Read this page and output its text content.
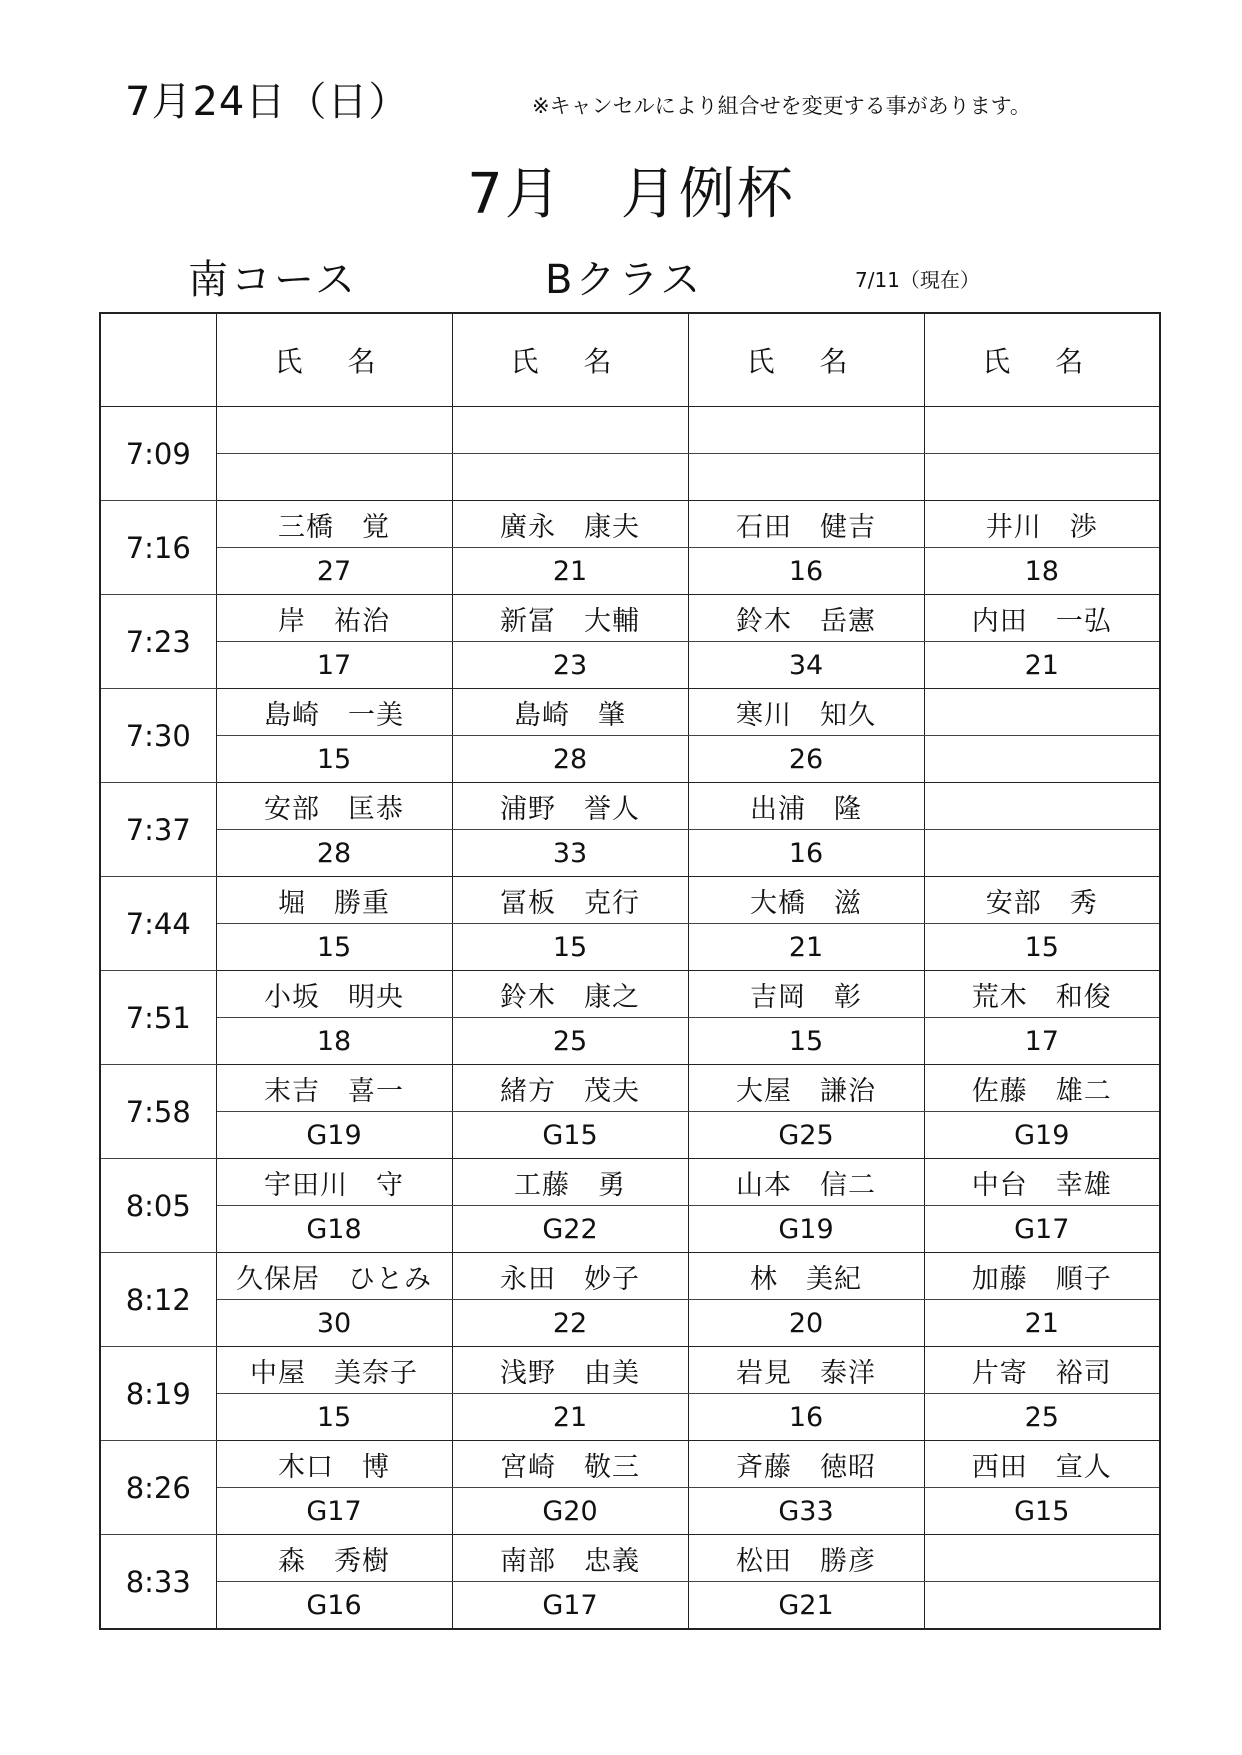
7月24日（日）	※キャンセルにより組合せを変更する事があります。
7月　月例杯
南コース	Bクラス	7/11（現在）
	氏 名	氏 名	氏 名	氏 名
7:09				

7:16	三橋　覚	廣永　康夫	石田　健吉	井川　渉
	27	21	16	18
7:23	岸　祐治	新冨　大輔	鈴木　岳憲	内田　一弘
	17	23	34	21
7:30	島崎　一美	島崎　肇	寒川　知久	
	15	28	26	
7:37	安部　匡恭	浦野　誉人	出浦　隆	
	28	33	16	
7:44	堀　勝重	冨板　克行	大橋　滋	安部　秀
	15	15	21	15
7:51	小坂　明央	鈴木　康之	吉岡　彰	荒木　和俊
	18	25	15	17
7:58	末吉　喜一	緒方　茂夫	大屋　謙治	佐藤　雄二
	G19	G15	G25	G19
8:05	宇田川　守	工藤　勇	山本　信二	中台　幸雄
	G18	G22	G19	G17
8:12	久保居　ひとみ	永田　妙子	林　美紀	加藤　順子
	30	22	20	21
8:19	中屋　美奈子	浅野　由美	岩見　泰洋	片寄　裕司
	15	21	16	25
8:26	木口　博	宮崎　敬三	斉藤　徳昭	西田　宣人
	G17	G20	G33	G15
8:33	森　秀樹	南部　忠義	松田　勝彦	
	G16	G17	G21	
